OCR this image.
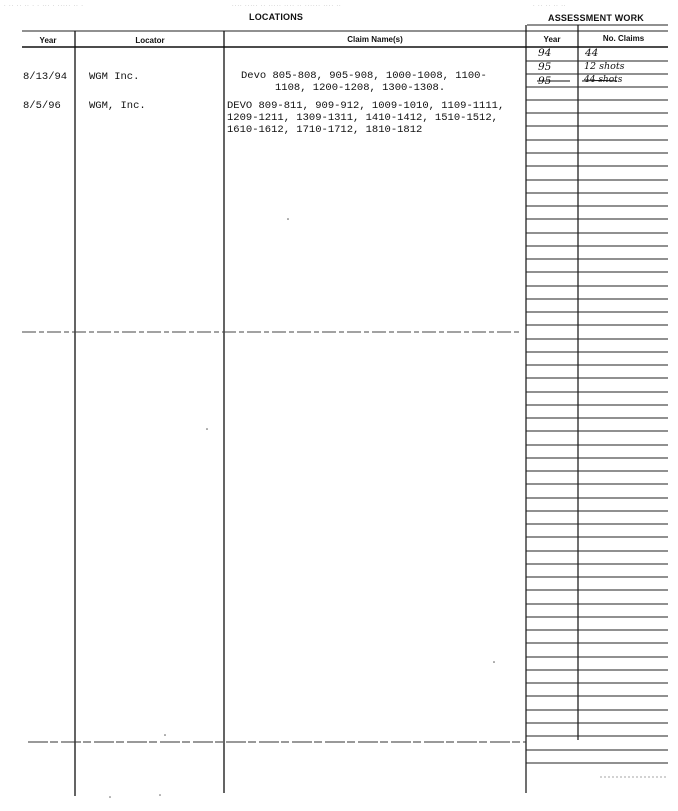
· ·· ·· ·· · · ··· · ····· ·· ·	···· ····· ·· ····· ···· ·· ······ ···· ··	· ·· ·· ·· ··
LOCATIONS	ASSESSMENT WORK
Year	Locator	Claim Name(s)	Year	No. Claims
8/13/94 WGM Inc.	Devo 805-808, 905-908, 1000-1008, 1100-
1108, 1200-1208, 1300-1308.
8/5/96	WGM, Inc.	DEVO 809-811, 909-912, 1009-1010, 1109-1111,
1209-1211, 1309-1311, 1410-1412, 1510-1512,
1610-1612, 1710-1712, 1810-1812
94	44
95	12 shots
95	44 shots
